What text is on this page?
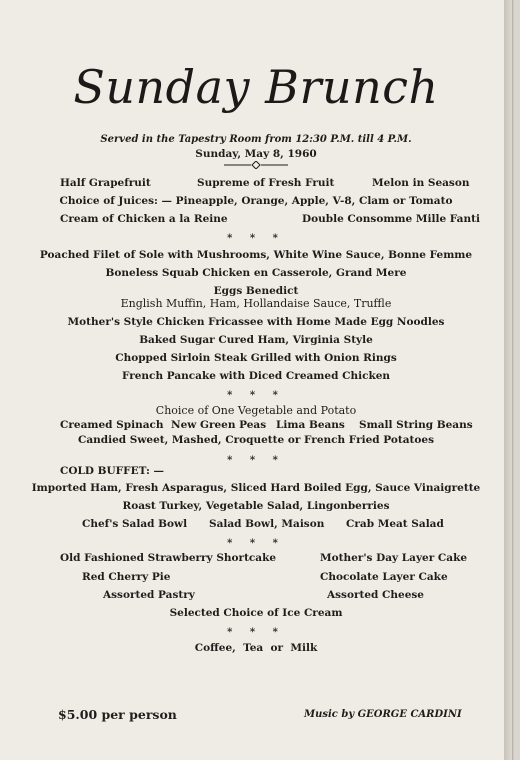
Sunday Brunch
Served in the Tapestry Room from 12:30 P.M. till 4 P.M.
Sunday, May 8, 1960
Half Grapefruit	Supreme of Fresh Fruit	Melon in Season
Choice of Juices: — Pineapple, Orange, Apple, V-8, Clam or Tomato
Cream of Chicken a la Reine	Double Consomme Mille Fanti
* * *
Poached Filet of Sole with Mushrooms, White Wine Sauce, Bonne Femme
Boneless Squab Chicken en Casserole, Grand Mere
Eggs Benedict
English Muffin, Ham, Hollandaise Sauce, Truffle
Mother's Style Chicken Fricassee with Home Made Egg Noodles
Baked Sugar Cured Ham, Virginia Style
Chopped Sirloin Steak Grilled with Onion Rings
French Pancake with Diced Creamed Chicken
* * *
Choice of One Vegetable and Potato
Creamed Spinach New Green Peas Lima Beans Small String Beans
Candied Sweet, Mashed, Croquette or French Fried Potatoes
* * *
COLD BUFFET: —
Imported Ham, Fresh Asparagus, Sliced Hard Boiled Egg, Sauce Vinaigrette
Roast Turkey, Vegetable Salad, Lingonberries
Chef's Salad Bowl Salad Bowl, Maison Crab Meat Salad
* * *
Old Fashioned Strawberry Shortcake	Mother's Day Layer Cake
Red Cherry Pie	Chocolate Layer Cake
Assorted Pastry	Assorted Cheese
Selected Choice of Ice Cream
* * *
Coffee,  Tea  or  Milk
$5.00 per person	Music by GEORGE CARDINI
